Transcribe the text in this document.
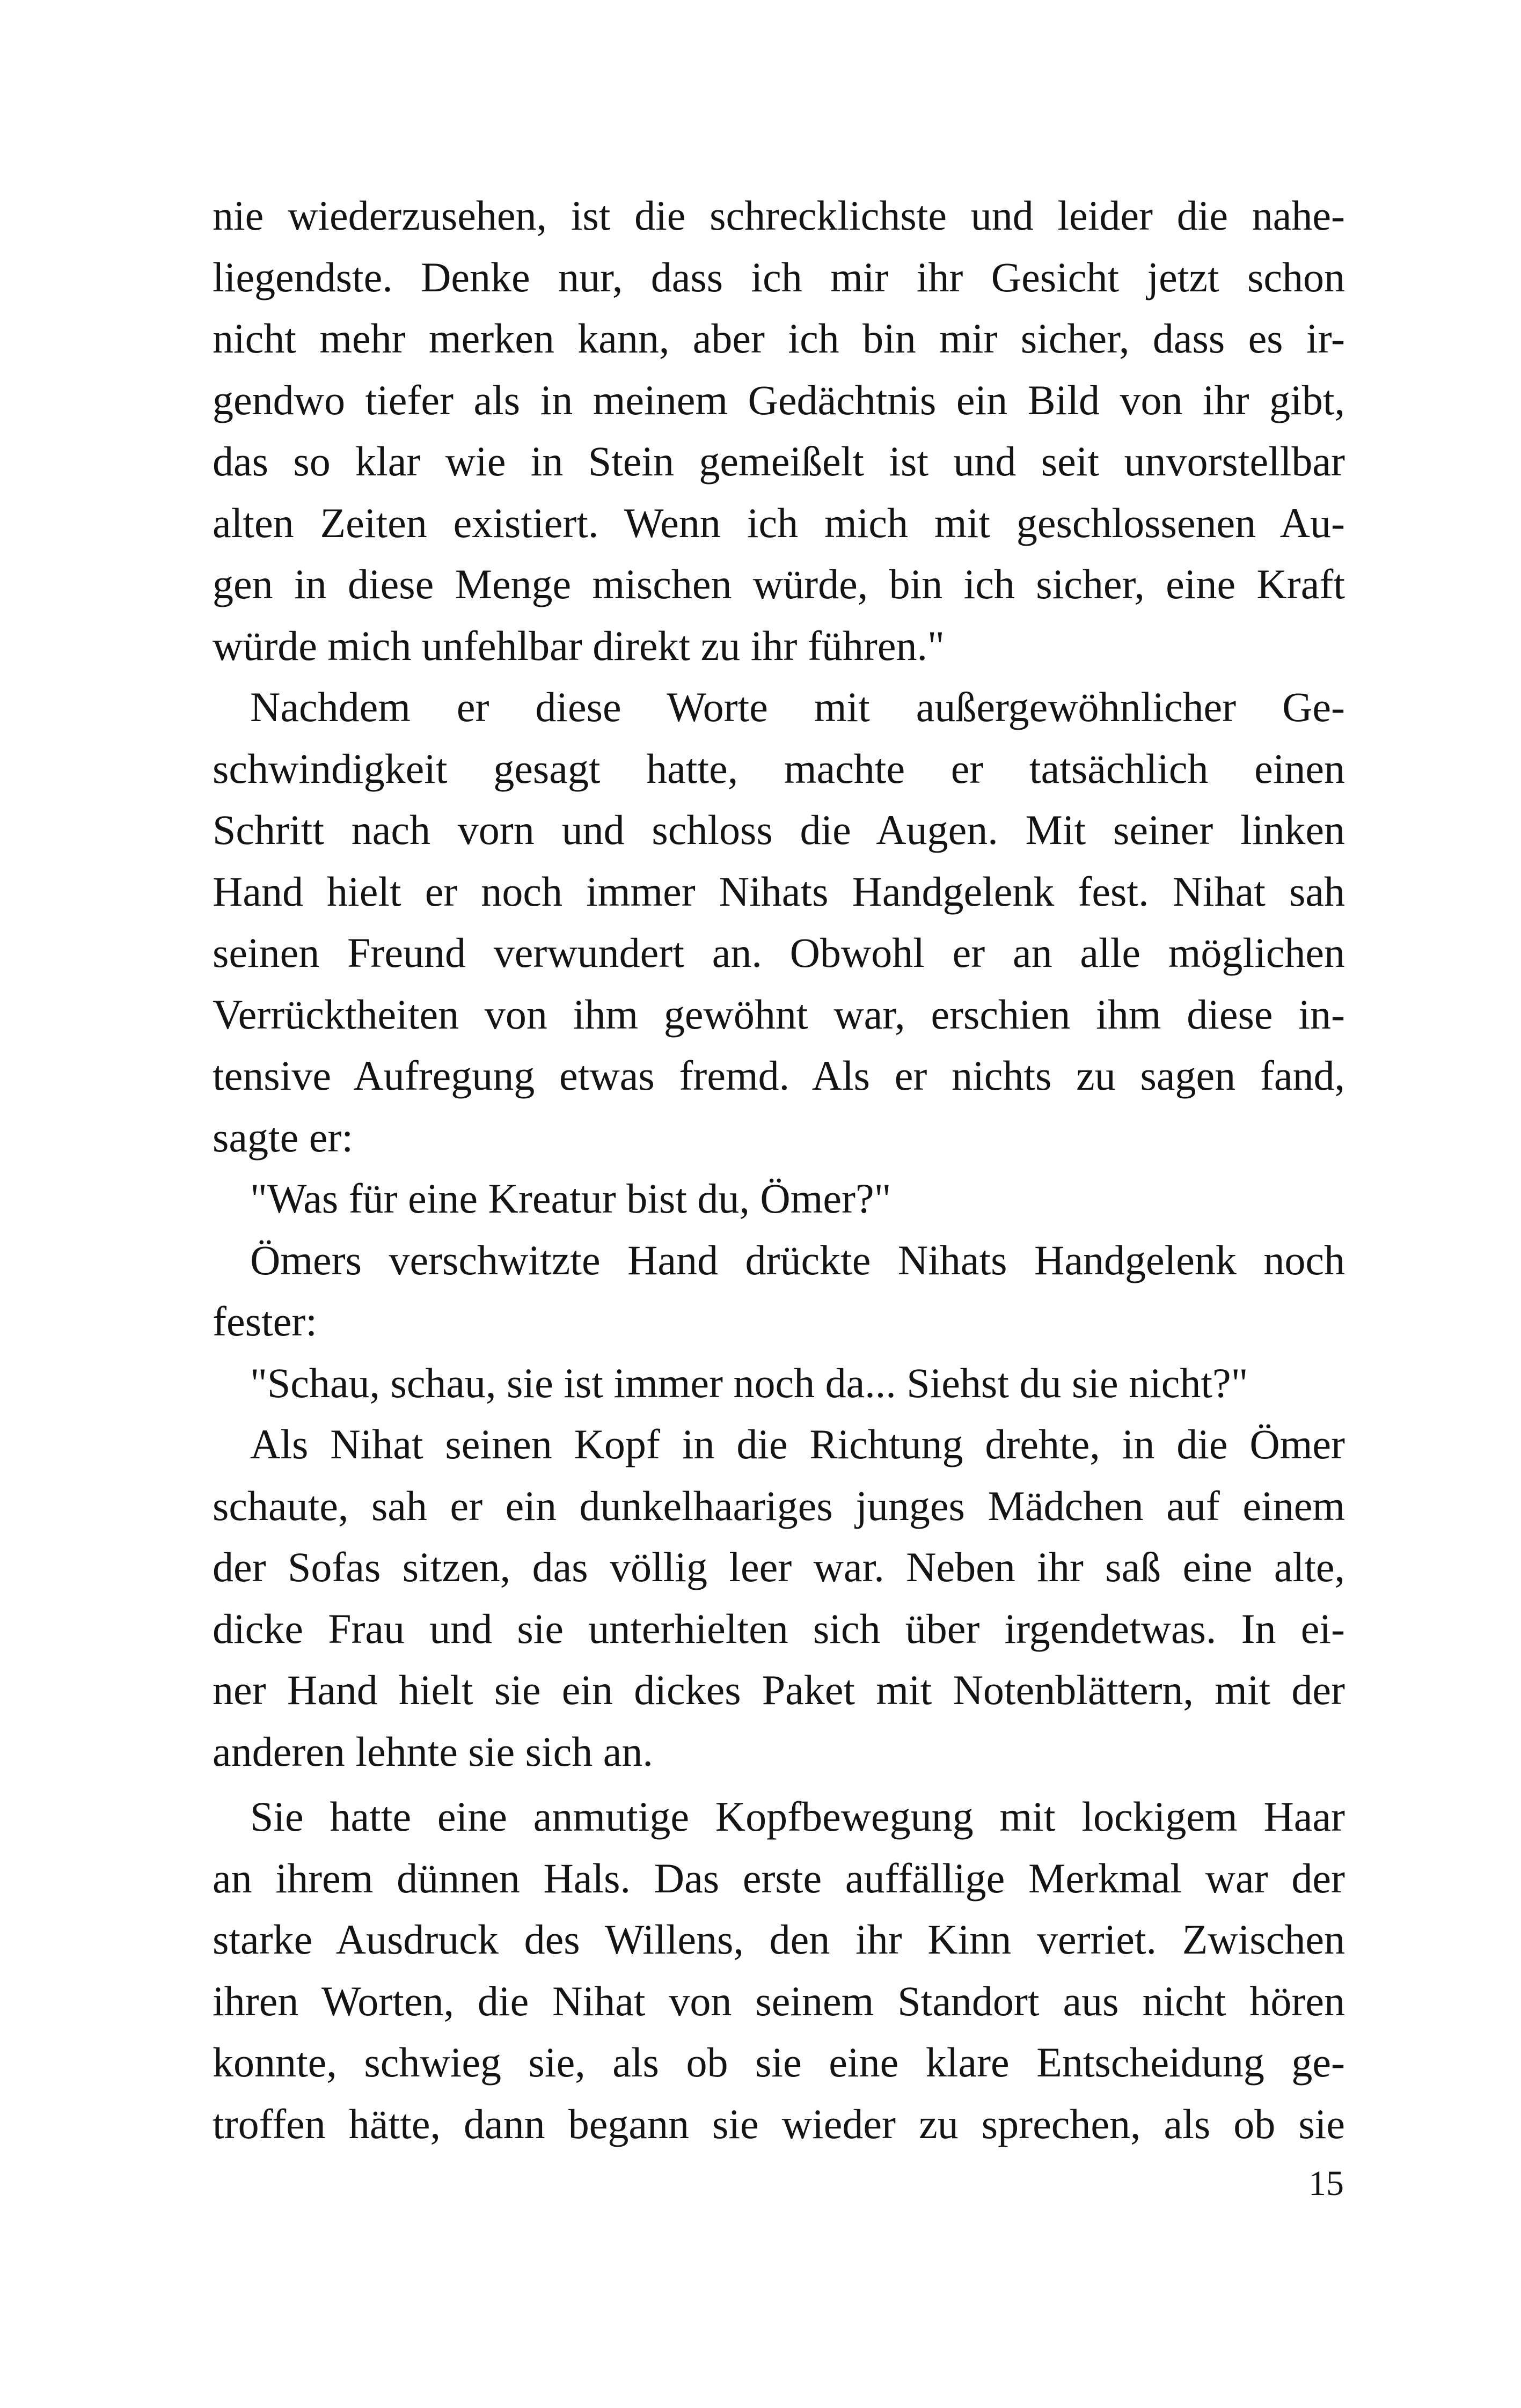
nie wiederzusehen, ist die schrecklichste und leider die nahe-
liegendste. Denke nur, dass ich mir ihr Gesicht jetzt schon
nicht mehr merken kann, aber ich bin mir sicher, dass es ir-
gendwo tiefer als in meinem Gedächtnis ein Bild von ihr gibt,
das so klar wie in Stein gemeißelt ist und seit unvorstellbar
alten Zeiten existiert. Wenn ich mich mit geschlossenen Au-
gen in diese Menge mischen würde, bin ich sicher, eine Kraft
würde mich unfehlbar direkt zu ihr führen."
Nachdem er diese Worte mit außergewöhnlicher Ge-
schwindigkeit gesagt hatte, machte er tatsächlich einen
Schritt nach vorn und schloss die Augen. Mit seiner linken
Hand hielt er noch immer Nihats Handgelenk fest. Nihat sah
seinen Freund verwundert an. Obwohl er an alle möglichen
Verrücktheiten von ihm gewöhnt war, erschien ihm diese in-
tensive Aufregung etwas fremd. Als er nichts zu sagen fand,
sagte er:
"Was für eine Kreatur bist du, Ömer?"
Ömers verschwitzte Hand drückte Nihats Handgelenk noch
fester:
"Schau, schau, sie ist immer noch da... Siehst du sie nicht?"
Als Nihat seinen Kopf in die Richtung drehte, in die Ömer
schaute, sah er ein dunkelhaariges junges Mädchen auf einem
der Sofas sitzen, das völlig leer war. Neben ihr saß eine alte,
dicke Frau und sie unterhielten sich über irgendetwas. In ei-
ner Hand hielt sie ein dickes Paket mit Notenblättern, mit der
anderen lehnte sie sich an.
Sie hatte eine anmutige Kopfbewegung mit lockigem Haar
an ihrem dünnen Hals. Das erste auffällige Merkmal war der
starke Ausdruck des Willens, den ihr Kinn verriet. Zwischen
ihren Worten, die Nihat von seinem Standort aus nicht hören
konnte, schwieg sie, als ob sie eine klare Entscheidung ge-
troffen hätte, dann begann sie wieder zu sprechen, als ob sie
15
